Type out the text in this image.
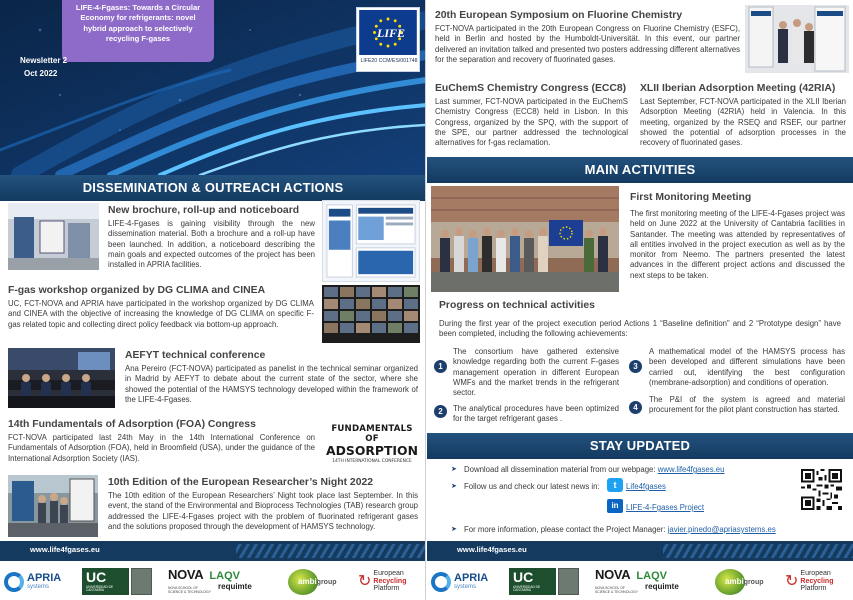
LIFE-4-Fgases: Towards a Circular Economy for refrigerants: novel hybrid approach to selectively recycling F-gases
Newsletter 2
Oct 2022
LIFE
LIFE20 CCM/ES/001748
DISSEMINATION & OUTREACH ACTIONS
New brochure, roll-up and noticeboard

LIFE-4-Fgases is gaining visibility through the new dissemination material. Both a brochure and a roll-up have been launched. In addition, a noticeboard describing the main goals and expected outcomes of the project has been installed in APRIA facilities.

F-gas workshop organized by DG CLIMA and CINEA

UC, FCT-NOVA and APRIA have participated in the workshop organized by DG CLIMA and CINEA with the objective of increasing the knowledge of DG CLIMA on specific F-gas related topic and collecting direct policy feedback via bottom-up approach.

AEFYT technical conference

Ana Pereiro (FCT-NOVA) participated as panelist in the technical seminar organized in Madrid by AEFYT to debate about the current state of the sector, where she showed the potential of the HAMSYS technology developed within the framework of the LIFE-4-Fgases.

14th Fundamentals of Adsorption (FOA) Congress

FCT-NOVA participated last 24th May in the 14th International Conference on Fundamentals of Adsorption (FOA), held in Broomfield (USA), under the guidance of the International Adsorption Society (IAS).

FUNDAMENTALS OF
ADSORPTION
14TH INTERNATIONAL CONFERENCE
10th Edition of the European Researcher’s Night 2022

The 10th edition of the European Researchers’ Night took place last September. In this event, the stand of the Environmental and Bioprocess Technologies (TAB) research group addressed the LIFE-4-Fgases project with the problem of fluorinated refrigerant gases and the solutions proposed through the development of HAMSYS technology.

www.life4fgases.eu
APRIA
systems
UC
UNIVERSIDAD DE CANTABRIA
NOVA LAQV
NOVA SCHOOL OF SCIENCE & TECHNOLOGY
requimte
ambigroup ↻ European
Recycling
Platform
20th European Symposium on Fluorine Chemistry

FCT-NOVA participated in the 20th European Congress on Fluorine Chemistry (ESFC), held in Berlin and hosted by the Humboldt-Universität. In this event, our partner delivered an invitation talked and presented two posters addressing different alternatives for the separation and recovery of fluorinated gases.

EuChemS Chemistry Congress (ECC8)

Last summer, FCT-NOVA participated in the EuChemS Chemistry Congress (ECC8) held in Lisbon. In this Congress, organized by the SPQ, with the support of the SPE, our partner addressed the technological alternatives for f-gas reclamation.

XLII Iberian Adsorption Meeting (42RIA)

Last September, FCT-NOVA participated in the XLII Iberian Adsorption Meeting (42RIA) held in Valencia. In this meeting, organized by the RSEQ and RSEF, our partner showed the potential of adsorption processes in the recovery of fluorinated gases.

MAIN ACTIVITIES
First Monitoring Meeting

The first monitoring meeting of the LIFE-4-Fgases project was held on June 2022 at the University of Cantabria facilities in Santander. The meeting was attended by representatives of all entities involved in the project execution as well as by the monitor from Neemo. The partners presented the latest advances in the different project actions and discussed the next steps to be taken.

Progress on technical activities

During the first year of the project execution period Actions 1 “Baseline definition” and 2 “Prototype design” have been completed, including the following achievements:

1

The consortium have gathered extensive knowledge regarding both the current F-gases management operation in different European WMFs and the market trends in the refrigerant sector.

2	The analytical procedures have been optimized for the target refrigerant gases .

3

A mathematical model of the HAMSYS process has been developed and different simulations have been carried out, identifying the best configuration (membrane-adsorption) and conditions of operation.

4

The P&I of the system is agreed and material procurement for the pilot plant construction has started.

STAY UPDATED
➤ Download all dissemination material from our webpage: www.life4fgases.eu

➤ Follow us and check our latest news in:	t	Life4fgases
in LIFE-4-Fgases Project
➤ For more information, please contact the Project Manager: javier.pinedo@apriasystems.es

www.life4fgases.eu
APRIA
systems
UC
UNIVERSIDAD DE CANTABRIA
NOVA LAQV
NOVA SCHOOL OF SCIENCE & TECHNOLOGY
requimte
ambigroup ↻ European
Recycling
Platform
